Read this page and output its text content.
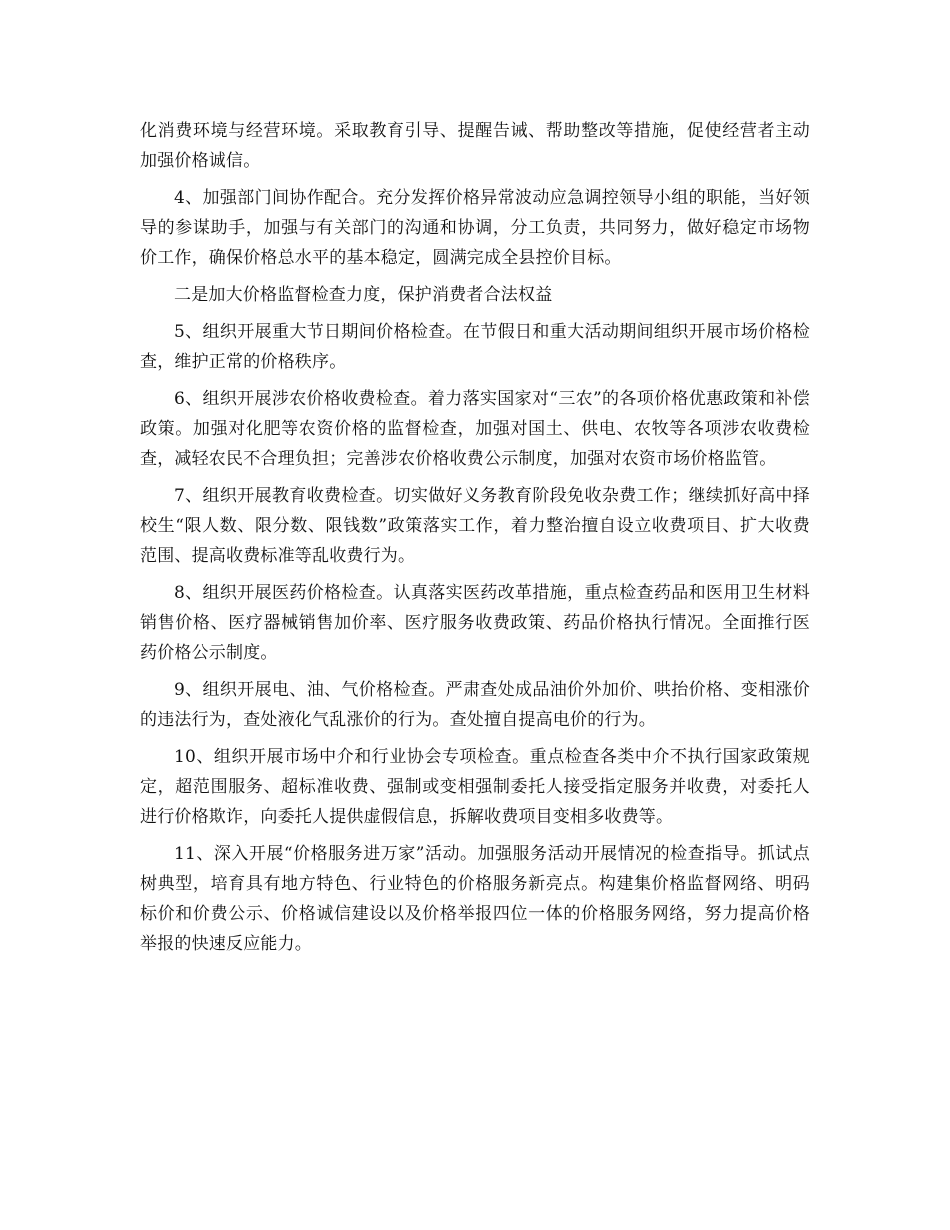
化消费环境与经营环境。采取教育引导、提醒告诫、帮助整改等措施，促使经营者主动加强价格诚信。

4、加强部门间协作配合。充分发挥价格异常波动应急调控领导小组的职能，当好领导的参谋助手，加强与有关部门的沟通和协调，分工负责，共同努力，做好稳定市场物价工作，确保价格总水平的基本稳定，圆满完成全县控价目标。

二是加大价格监督检查力度，保护消费者合法权益

5、组织开展重大节日期间价格检查。在节假日和重大活动期间组织开展市场价格检查，维护正常的价格秩序。

6、组织开展涉农价格收费检查。着力落实国家对“三农”的各项价格优惠政策和补偿政策。加强对化肥等农资价格的监督检查，加强对国土、供电、农牧等各项涉农收费检查，减轻农民不合理负担；完善涉农价格收费公示制度，加强对农资市场价格监管。

7、组织开展教育收费检查。切实做好义务教育阶段免收杂费工作；继续抓好高中择校生“限人数、限分数、限钱数”政策落实工作，着力整治擅自设立收费项目、扩大收费范围、提高收费标准等乱收费行为。

8、组织开展医药价格检查。认真落实医药改革措施，重点检查药品和医用卫生材料销售价格、医疗器械销售加价率、医疗服务收费政策、药品价格执行情况。全面推行医药价格公示制度。

9、组织开展电、油、气价格检查。严肃查处成品油价外加价、哄抬价格、变相涨价的违法行为，查处液化气乱涨价的行为。查处擅自提高电价的行为。

10、组织开展市场中介和行业协会专项检查。重点检查各类中介不执行国家政策规定，超范围服务、超标准收费、强制或变相强制委托人接受指定服务并收费，对委托人进行价格欺诈，向委托人提供虚假信息，拆解收费项目变相多收费等。

11、深入开展“价格服务进万家”活动。加强服务活动开展情况的检查指导。抓试点树典型，培育具有地方特色、行业特色的价格服务新亮点。构建集价格监督网络、明码标价和价费公示、价格诚信建设以及价格举报四位一体的价格服务网络，努力提高价格举报的快速反应能力。
